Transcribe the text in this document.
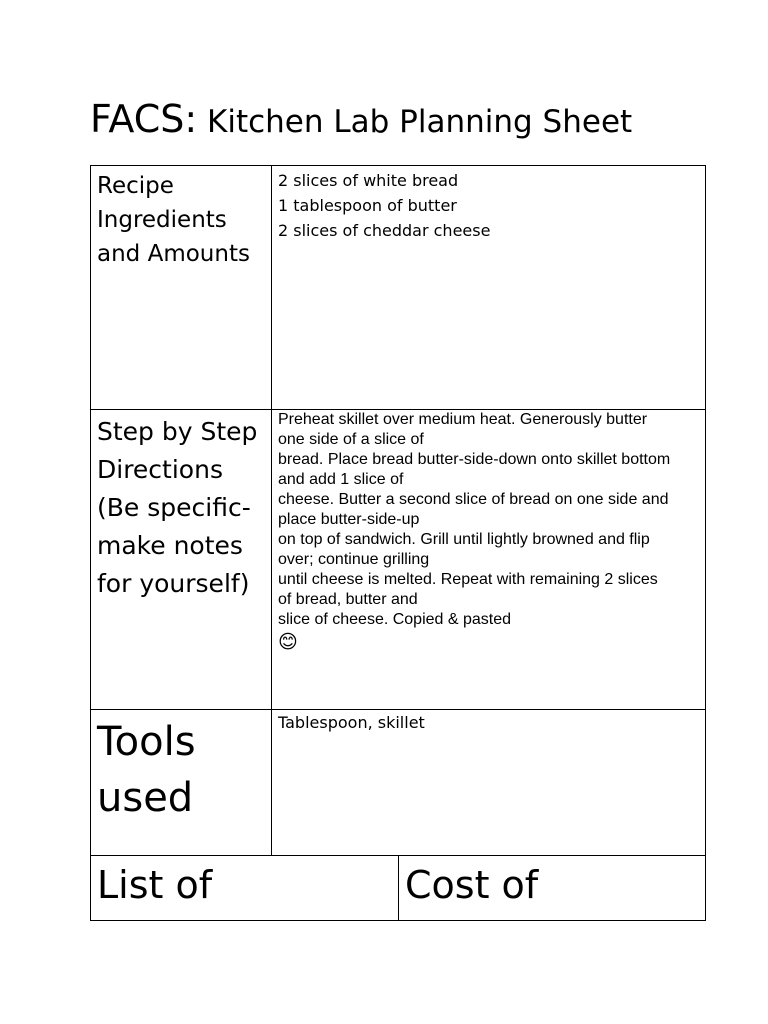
FACS: Kitchen Lab Planning Sheet
Recipe
Ingredients
and Amounts
2 slices of white bread
1 tablespoon of butter
2 slices of cheddar cheese
Step by Step
Directions
(Be specific-
make notes
for yourself)
Preheat skillet over medium heat. Generously butter
one side of a slice of
bread. Place bread butter-side-down onto skillet bottom
and add 1 slice of
cheese. Butter a second slice of bread on one side and
place butter-side-up
on top of sandwich. Grill until lightly browned and flip
over; continue grilling
until cheese is melted. Repeat with remaining 2 slices
of bread, butter and
slice of cheese. Copied & pasted
😊
Tools
used
Tablespoon, skillet
List of	Cost of
